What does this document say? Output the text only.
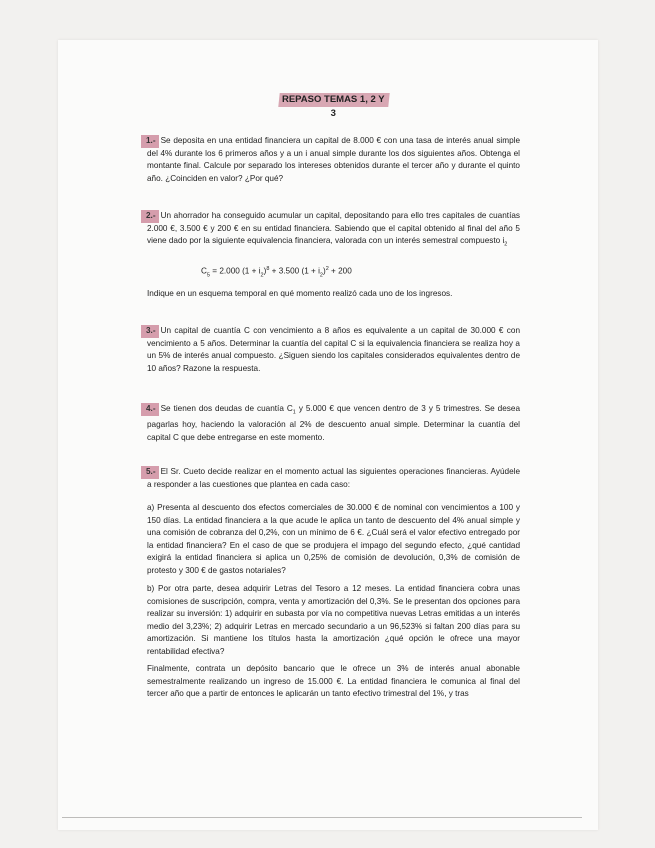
REPASO TEMAS 1, 2 Y 3

1.- Se deposita en una entidad financiera un capital de 8.000 € con una tasa de interés anual simple del 4% durante los 6 primeros años y a un i anual simple durante los dos siguientes años. Obtenga el montante final. Calcule por separado los intereses obtenidos durante el tercer año y durante el quinto año. ¿Coinciden en valor? ¿Por qué?

2.- Un ahorrador ha conseguido acumular un capital, depositando para ello tres capitales de cuantías 2.000 €, 3.500 € y 200 € en su entidad financiera. Sabiendo que el capital obtenido al final del año 5 viene dado por la siguiente equivalencia financiera, valorada con un interés semestral compuesto $i_2$

$C_5 = 2.000$ $(1 + i_2)^8 + 3.500$ $(1 + i_2)^2 + 200$

Indique en un esquema temporal en qué momento realizó cada uno de los ingresos.

3.- Un capital de cuantía C con vencimiento a 8 años es equivalente a un capital de 30.000 € con vencimiento a 5 años. Determinar la cuantía del capital C si la equivalencia financiera se realiza hoy a un 5% de interés anual compuesto. ¿Siguen siendo los capitales considerados equivalentes dentro de 10 años? Razone la respuesta.

4.- Se tienen dos deudas de cuantía $C_1$ y 5.000 € que vencen dentro de 3 y 5 trimestres. Se desea pagarlas hoy, haciendo la valoración al 2% de descuento anual simple. Determinar la cuantía del capital C que debe entregarse en este momento.

5.- El Sr. Cueto decide realizar en el momento actual las siguientes operaciones financieras. Ayúdele a responder a las cuestiones que plantea en cada caso:

a) Presenta al descuento dos efectos comerciales de 30.000 € de nominal con vencimientos a 100 y 150 días. La entidad financiera a la que acude le aplica un tanto de descuento del 4% anual simple y una comisión de cobranza del 0,2%, con un mínimo de 6 €. ¿Cuál será el valor efectivo entregado por la entidad financiera? En el caso de que se produjera el impago del segundo efecto, ¿qué cantidad exigirá la entidad financiera si aplica un 0,25% de comisión de devolución, 0,3% de comisión de protesto y 300 € de gastos notariales?

b) Por otra parte, desea adquirir Letras del Tesoro a 12 meses. La entidad financiera cobra unas comisiones de suscripción, compra, venta y amortización del 0,3%. Se le presentan dos opciones para realizar su inversión: 1) adquirir en subasta por vía no competitiva nuevas Letras emitidas a un interés medio del 3,23%; 2) adquirir Letras en mercado secundario a un 96,523% si faltan 200 días para su amortización. Si mantiene los títulos hasta la amortización ¿qué opción le ofrece una mayor rentabilidad efectiva?

Finalmente, contrata un depósito bancario que le ofrece un 3% de interés anual abonable semestralmente realizando un ingreso de 15.000 €. La entidad financiera le comunica al final del tercer año que a partir de entonces le aplicarán un tanto efectivo trimestral del 1%, y tras
